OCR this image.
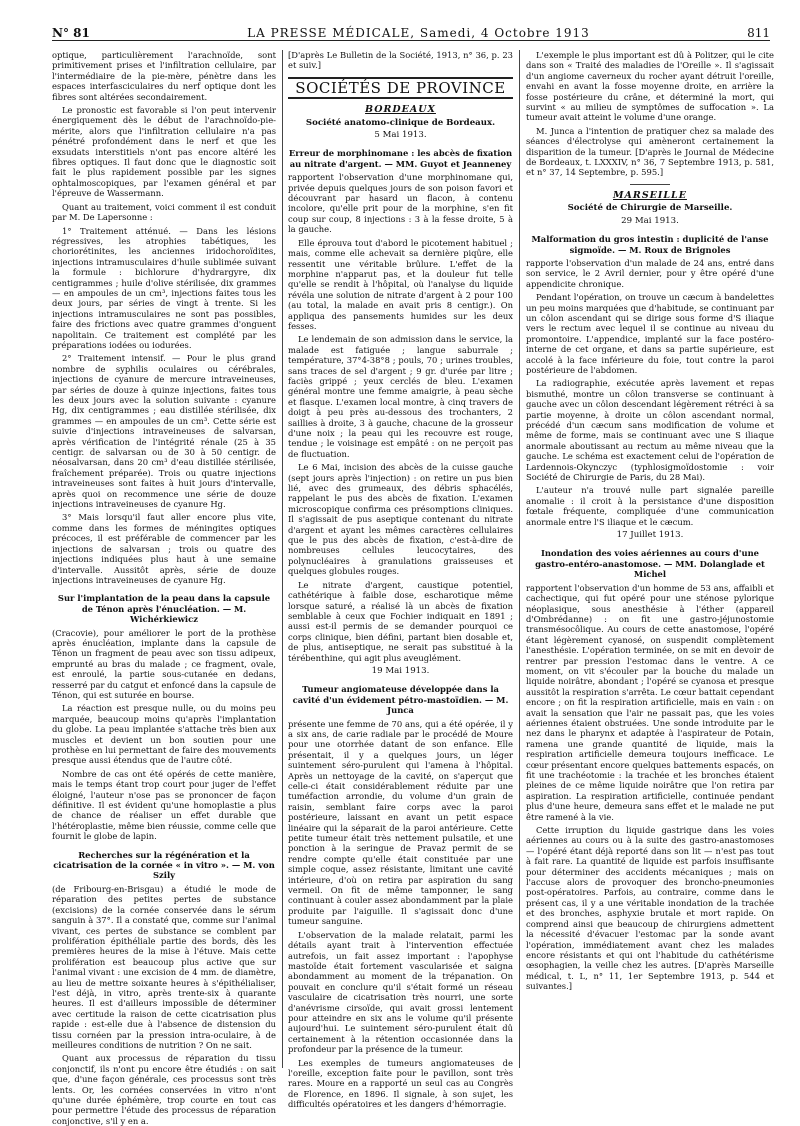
N° 81	LA PRESSE MÉDICALE, Samedi, 4 Octobre 1913	811

optique, particulièrement l'arachnoïde, sont primitivement prises et l'infiltration cellulaire, par l'intermédiaire de la pie-mère, pénètre dans les espaces interfasciculaires du nerf optique dont les fibres sont altérées secondairement.

Le pronostic est favorable si l'on peut intervenir énergiquement dès le début de l'arachnoïdo-pie-mérite, alors que l'infiltration cellulaire n'a pas pénétré profondément dans le nerf et que les exsudats interstitiels n'ont pas encore altéré les fibres optiques. Il faut donc que le diagnostic soit fait le plus rapidement possible par les signes ophtalmoscopiques, par l'examen général et par l'épreuve de Wassermann.

Quant au traitement, voici comment il est conduit par M. De Lapersonne :

1° Traitement atténué. — Dans les lésions régressives, les atrophies tabétiques, les choriorétinites, les anciennes iridochoroïdites, injections intramusculaires d'huile sublimée suivant la formule : bichlorure d'hydrargyre, dix centigrammes ; huile d'olive stérilisée, dix grammes — en ampoules de un cm³, injections faites tous les deux jours, par séries de vingt à trente. Si les injections intramusculaires ne sont pas possibles, faire des frictions avec quatre grammes d'onguent napolitain. Ce traitement est complété par les préparations iodées ou iodurées.

2° Traitement intensif. — Pour le plus grand nombre de syphilis oculaires ou cérébrales, injections de cyanure de mercure intraveineuses, par séries de douze à quinze injections, faites tous les deux jours avec la solution suivante : cyanure Hg, dix centigrammes ; eau distillée stérilisée, dix grammes — en ampoules de un cm³. Cette série est suivie d'injections intraveineuses de salvarsan, après vérification de l'intégrité rénale (25 à 35 centigr. de salvarsan ou de 30 à 50 centigr. de néosalvarsan, dans 20 cm³ d'eau distillée stérilisée, fraîchement préparée). Trois ou quatre injections intraveineuses sont faites à huit jours d'intervalle, après quoi on recommence une série de douze injections intraveineuses de cyanure Hg.

3° Mais lorsqu'il faut aller encore plus vite, comme dans les formes de méningites optiques précoces, il est préférable de commencer par les injections de salvarsan ; trois ou quatre des injections indiquées plus haut à une semaine d'intervalle. Aussitôt après, série de douze injections intraveineuses de cyanure Hg.

Sur l'implantation de la peau dans la capsule de Ténon après l'énucléation. — M. Wichérkiewicz

(Cracovie), pour améliorer le port de la prothèse après énucléation, implante dans la capsule de Ténon un fragment de peau avec son tissu adipeux, emprunté au bras du malade ; ce fragment, ovale, est enroulé, la partie sous-cutanée en dedans, resserré par du catgut et enfoncé dans la capsule de Ténon, qui est suturée en bourse.

La réaction est presque nulle, ou du moins peu marquée, beaucoup moins qu'après l'implantation du globe. La peau implantée s'attache très bien aux muscles et devient un bon soutien pour une prothèse en lui permettant de faire des mouvements presque aussi étendus que de l'autre côté.

Nombre de cas ont été opérés de cette manière, mais le temps étant trop court pour juger de l'effet éloigné, l'auteur n'ose pas se prononcer de façon définitive. Il est évident qu'une homoplastie a plus de chance de réaliser un effet durable que l'hétéroplastie, même bien réussie, comme celle que fournit le globe de lapin.

Recherches sur la régénération et la cicatrisation de la cornée « in vitro ». — M. von Szily

(de Fribourg-en-Brisgau) a étudié le mode de réparation des petites pertes de substance (excisions) de la cornée conservée dans le sérum sanguin à 37°. Il a constaté que, comme sur l'animal vivant, ces pertes de substance se comblent par prolifération épithéliale partie des bords, dès les premières heures de la mise à l'étuve. Mais cette prolifération est beaucoup plus active que sur l'animal vivant : une excision de 4 mm. de diamètre, au lieu de mettre soixante heures à s'épithélialiser, l'est déjà, in vitro, après trente-six à quarante heures. Il est d'ailleurs impossible de déterminer avec certitude la raison de cette cicatrisation plus rapide : est-elle due à l'absence de distension du tissu cornéen par la pression intra-oculaire, à de meilleures conditions de nutrition ? On ne sait.

Quant aux processus de réparation du tissu conjonctif, ils n'ont pu encore être étudiés : on sait que, d'une façon générale, ces processus sont très lents. Or, les cornées conservées in vitro n'ont qu'une durée éphémère, trop courte en tout cas pour permettre l'étude des processus de réparation conjonctive, s'il y en a.

[D'après Le Bulletin de la Société, 1913, n° 36, p. 23 et suiv.]

SOCIÉTÉS DE PROVINCE
BORDEAUX
Société anatomo-clinique de Bordeaux.
5 Mai 1913.
Erreur de morphinomane : les abcès de fixation au nitrate d'argent. — MM. Guyot et Jeanneney

rapportent l'observation d'une morphinomane qui, privée depuis quelques jours de son poison favori et découvrant par hasard un flacon, à contenu incolore, qu'elle prit pour de la morphine, s'en fit coup sur coup, 8 injections : 3 à la fesse droite, 5 à la gauche.

Elle éprouva tout d'abord le picotement habituel ; mais, comme elle achevait sa dernière piqûre, elle ressentit une véritable brûlure. L'effet de la morphine n'apparut pas, et la douleur fut telle qu'elle se rendit à l'hôpital, où l'analyse du liquide révéla une solution de nitrate d'argent à 2 pour 100 (au total, la malade en avait pris 8 centigr.). On appliqua des pansements humides sur les deux fesses.

Le lendemain de son admission dans le service, la malade est fatiguée ; langue saburrale ; température, 37°4-38°8 ; pouls, 70 ; urines troubles, sans traces de sel d'argent ; 9 gr. d'urée par litre ; faciès grippé ; yeux cerclés de bleu. L'examen général montre une femme amaigrie, à peau sèche et flasque. L'examen local montre, à cinq travers de doigt à peu près au-dessous des trochanters, 2 saillies à droite, 3 à gauche, chacune de la grosseur d'une noix ; la peau qui les recouvre est rouge, tendue ; le voisinage est empâté : on ne perçoit pas de fluctuation.

Le 6 Mai, incision des abcès de la cuisse gauche (sept jours après l'injection) : on retire un pus bien lié, avec des grumeaux, des débris sphacélés, rappelant le pus des abcès de fixation. L'examen microscopique confirma ces présomptions cliniques. Il s'agissait de pus aseptique contenant du nitrate d'argent et ayant les mêmes caractères cellulaires que le pus des abcès de fixation, c'est-à-dire de nombreuses cellules leucocytaires, des polynucléaires à granulations graisseuses et quelques globules rouges.

Le nitrate d'argent, caustique potentiel, cathétérique à faible dose, escharotique même lorsque saturé, a réalisé là un abcès de fixation semblable à ceux que Fochier indiquait en 1891 ; aussi est-il permis de se demander pourquoi ce corps clinique, bien défini, partant bien dosable et, de plus, antiseptique, ne serait pas substitué à la térébenthine, qui agit plus aveuglément.

19 Mai 1913.
Tumeur angiomateuse développée dans la cavité d'un évidement pétro-mastoïdien. — M. Junca

présente une femme de 70 ans, qui a été opérée, il y a six ans, de carie radiale par le procédé de Moure pour une otorrhée datant de son enfance. Elle présentait, il y a quelques jours, un léger suintement séro-purulent qui l'amena à l'hôpital. Après un nettoyage de la cavité, on s'aperçut que celle-ci était considérablement réduite par une tuméfaction arrondie, du volume d'un grain de raisin, semblant faire corps avec la paroi postérieure, laissant en avant un petit espace linéaire qui la séparait de la paroi antérieure. Cette petite tumeur était très nettement pulsatile, et une ponction à la seringue de Pravaz permit de se rendre compte qu'elle était constituée par une simple coque, assez résistante, limitant une cavité intérieure, d'où on retira par aspiration du sang vermeil. On fit de même tamponner, le sang continuant à couler assez abondamment par la plaie produite par l'aiguille. Il s'agissait donc d'une tumeur sanguine.

L'observation de la malade relatait, parmi les détails ayant trait à l'intervention effectuée autrefois, un fait assez important : l'apophyse mastoïde était fortement vascularisée et saigna abondamment au moment de la trépanation. On pouvait en conclure qu'il s'était formé un réseau vasculaire de cicatrisation très nourri, une sorte d'anévrisme cirsoïde, qui avait grossi lentement pour atteindre en six ans le volume qu'il présente aujourd'hui. Le suintement séro-purulent était dû certainement à la rétention occasionnée dans la profondeur par la présence de la tumeur.

Les exemples de tumeurs angiomateuses de l'oreille, exception faite pour le pavillon, sont très rares. Moure en a rapporté un seul cas au Congrès de Florence, en 1896. Il signale, à son sujet, les difficultés opératoires et les dangers d'hémorragie.

L'exemple le plus important est dû à Politzer, qui le cite dans son « Traité des maladies de l'Oreille ». Il s'agissait d'un angiome caverneux du rocher ayant détruit l'oreille, envahi en avant la fosse moyenne droite, en arrière la fosse postérieure du crâne, et déterminé la mort, qui survint « au milieu de symptômes de suffocation ». La tumeur avait atteint le volume d'une orange.

M. Junca a l'intention de pratiquer chez sa malade des séances d'électrolyse qui amèneront certainement la disparition de la tumeur. [D'après le Journal de Médecine de Bordeaux, t. LXXXIV, n° 36, 7 Septembre 1913, p. 581, et n° 37, 14 Septembre, p. 595.]

MARSEILLE
Société de Chirurgie de Marseille.
29 Mai 1913.
Malformation du gros intestin : duplicité de l'anse sigmoïde. — M. Roux de Brignoles

rapporte l'observation d'un malade de 24 ans, entré dans son service, le 2 Avril dernier, pour y être opéré d'une appendicite chronique.

Pendant l'opération, on trouve un cæcum à bandelettes un peu moins marquées que d'habitude, se continuant par un côlon ascendant qui se dirige sous forme d'S iliaque vers le rectum avec lequel il se continue au niveau du promontoire. L'appendice, implanté sur la face postéro-interne de cet organe, et dans sa partie supérieure, est accolé à la face inférieure du foie, tout contre la paroi postérieure de l'abdomen.

La radiographie, exécutée après lavement et repas bismuthé, montre un côlon transverse se continuant à gauche avec un côlon descendant légèrement rétréci à sa partie moyenne, à droite un côlon ascendant normal, précédé d'un cæcum sans modification de volume et même de forme, mais se continuant avec une S iliaque anormale aboutissant au rectum au même niveau que la gauche. Le schéma est exactement celui de l'opération de Lardennois-Okynczyc (typhlosigmoïdostomie : voir Société de Chirurgie de Paris, du 28 Mai).

L'auteur n'a trouvé nulle part signalée pareille anomalie : il croit à la persistance d'une disposition fœtale fréquente, compliquée d'une communication anormale entre l'S iliaque et le cæcum.

17 Juillet 1913.
Inondation des voies aériennes au cours d'une gastro-entéro-anastomose. — MM. Dolanglade et Michel

rapportent l'observation d'un homme de 53 ans, affaibli et cachectique, qui fut opéré pour une sténose pylorique néoplasique, sous anesthésie à l'éther (appareil d'Ombrédanne) : on fit une gastro-jéjunostomie transmésocôlique. Au cours de cette anastomose, l'opéré étant légèrement cyanosé, on suspendit complètement l'anesthésie. L'opération terminée, on se mit en devoir de rentrer par pression l'estomac dans le ventre. A ce moment, on vit s'écouler par la bouche du malade un liquide noirâtre, abondant ; l'opéré se cyanosa et presque aussitôt la respiration s'arrêta. Le cœur battait cependant encore ; on fit la respiration artificielle, mais en vain : on avait la sensation que l'air ne passait pas, que les voies aériennes étaient obstruées. Une sonde introduite par le nez dans le pharynx et adaptée à l'aspirateur de Potain, ramena une grande quantité de liquide, mais la respiration artificielle demeura toujours inefficace. Le cœur présentant encore quelques battements espacés, on fit une trachéotomie : la trachée et les bronches étaient pleines de ce même liquide noirâtre que l'on retira par aspiration. La respiration artificielle, continuée pendant plus d'une heure, demeura sans effet et le malade ne put être ramené à la vie.

Cette irruption du liquide gastrique dans les voies aériennes au cours ou à la suite des gastro-anastomoses — l'opéré étant déjà reporté dans son lit — n'est pas tout à fait rare. La quantité de liquide est parfois insuffisante pour déterminer des accidents mécaniques ; mais on l'accuse alors de provoquer des broncho-pneumonies post-opératoires. Parfois, au contraire, comme dans le présent cas, il y a une véritable inondation de la trachée et des bronches, asphyxie brutale et mort rapide. On comprend ainsi que beaucoup de chirurgiens admettent la nécessité d'évacuer l'estomac par la sonde avant l'opération, immédiatement avant chez les malades encore résistants et qui ont l'habitude du cathétérisme œsophagien, la veille chez les autres. [D'après Marseille médical, t. L, n° 11, 1er Septembre 1913, p. 544 et suivantes.]
